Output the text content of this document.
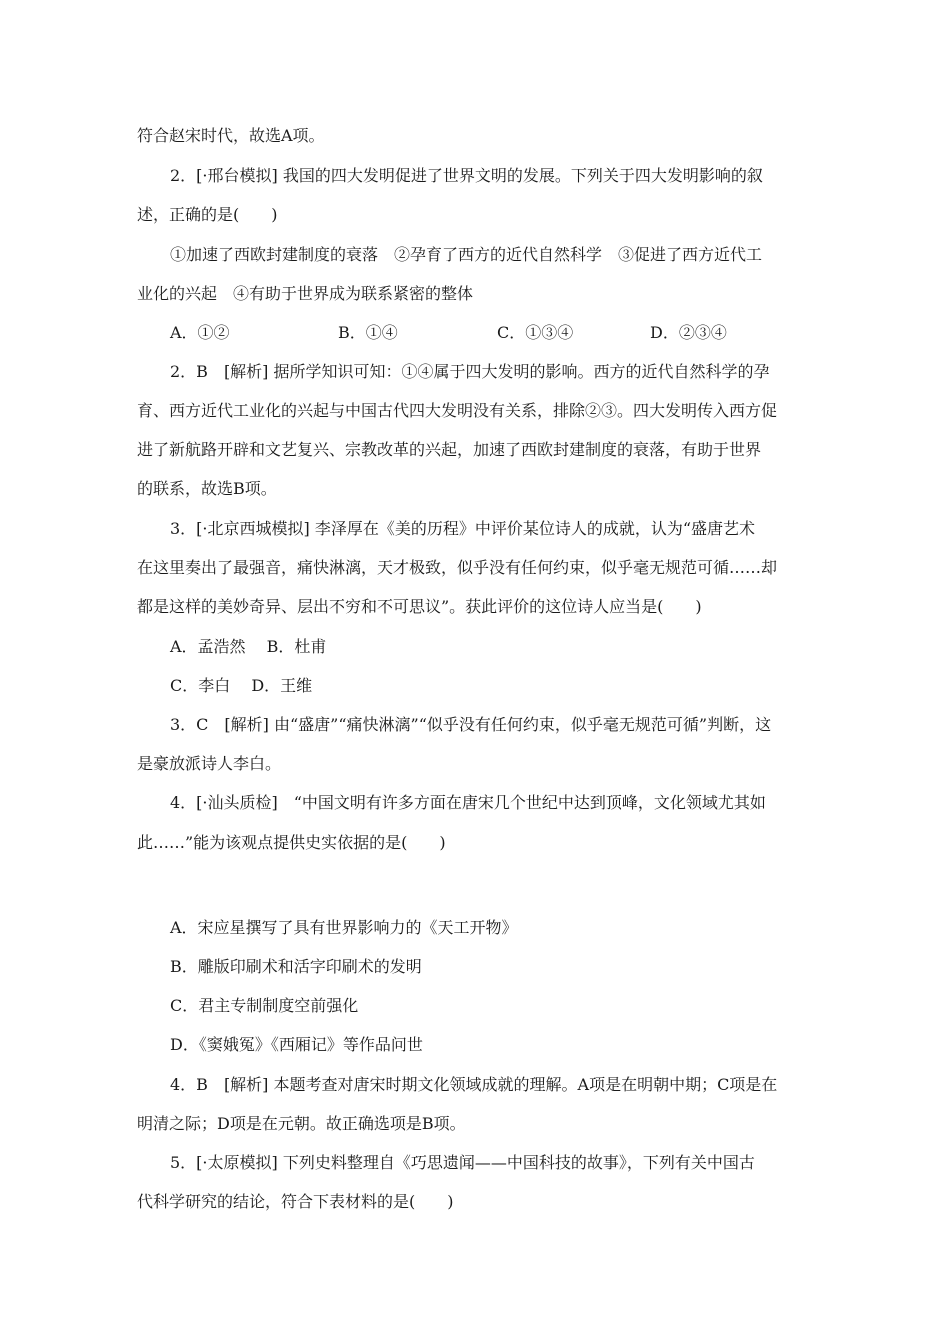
符合赵宋时代，故选A项。
2．[·邢台模拟] 我国的四大发明促进了世界文明的发展。下列关于四大发明影响的叙
述，正确的是(　　)
①加速了西欧封建制度的衰落　②孕育了西方的近代自然科学　③促进了西方近代工
业化的兴起　④有助于世界成为联系紧密的整体
A．①②	B．①④	C．①③④	D．②③④
2．B　[解析] 据所学知识可知：①④属于四大发明的影响。西方的近代自然科学的孕
育、西方近代工业化的兴起与中国古代四大发明没有关系，排除②③。四大发明传入西方促
进了新航路开辟和文艺复兴、宗教改革的兴起，加速了西欧封建制度的衰落，有助于世界
的联系，故选B项。
3．[·北京西城模拟] 李泽厚在《美的历程》中评价某位诗人的成就，认为“盛唐艺术
在这里奏出了最强音，痛快淋漓，天才极致，似乎没有任何约束，似乎毫无规范可循……却
都是这样的美妙奇异、层出不穷和不可思议”。获此评价的这位诗人应当是(　　)
A．孟浩然　 B．杜甫
C．李白　 D．王维
3．C　[解析] 由“盛唐”“痛快淋漓”“似乎没有任何约束，似乎毫无规范可循”判断，这
是豪放派诗人李白。
4．[·汕头质检]　“中国文明有许多方面在唐宋几个世纪中达到顶峰，文化领域尤其如
此……”能为该观点提供史实依据的是(　　)
A．宋应星撰写了具有世界影响力的《天工开物》
B．雕版印刷术和活字印刷术的发明
C．君主专制制度空前强化
D．《窦娥冤》《西厢记》等作品问世
4．B　[解析] 本题考查对唐宋时期文化领域成就的理解。A项是在明朝中期；C项是在
明清之际；D项是在元朝。故正确选项是B项。
5．[·太原模拟] 下列史料整理自《巧思遗闻——中国科技的故事》，下列有关中国古
代科学研究的结论，符合下表材料的是(　　)
